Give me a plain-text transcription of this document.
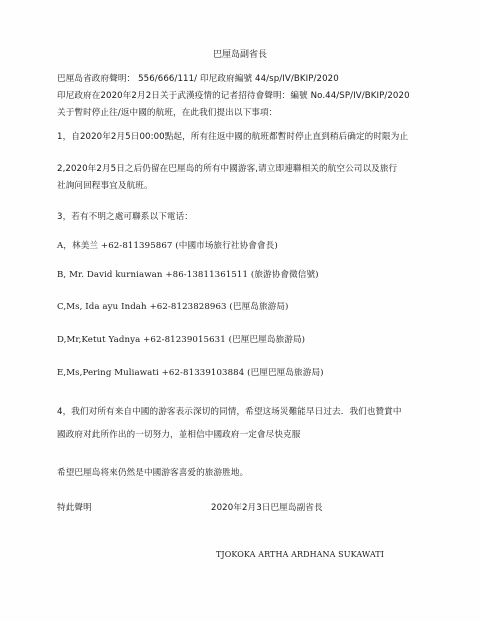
巴厘岛副省長
巴厘岛省政府聲明： 556/666/111/ 印尼政府編號 44/sp/IV/BKIP/2020
印尼政府在2020年2月2日关于武漢疫情的记者招待會聲明：編號 No.44/SP/IV/BKIP/2020
关于暫时停止往/返中國的航班，在此我们提出以下事項：
1，自2020年2月5日00:00點起，所有往返中國的航班都暫时停止直到稍后确定的时限为止
2,2020年2月5日之后仍留在巴厘岛的所有中國游客,请立即連聯相关的航空公司以及旅行
社詢问回程事宜及航班。
3，若有不明之處可聯系以下電话：
A，林美兰 +62-811395867 (中國市场旅行社协會會長)
B, Mr. David kurniawan +86-13811361511 (旅游协會微信號)
C,Ms, Ida ayu Indah +62-8123828963 (巴厘岛旅游局)
D,Mr,Ketut Yadnya +62-81239015631 (巴厘巴厘岛旅游局)
E,Ms,Pering Muliawati +62-81339103884 (巴厘巴厘岛旅游局)
4，我们对所有来自中國的游客表示深切的同情，希望这场災難能早日过去．我们也贊賞中
國政府对此所作出的一切努力，並相信中國政府一定會尽快克服
希望巴厘岛将來仍然是中國游客喜爱的旅游胜地。
特此聲明	2020年2月3日巴厘岛副省長
TJOKOKA ARTHA ARDHANA SUKAWATI
